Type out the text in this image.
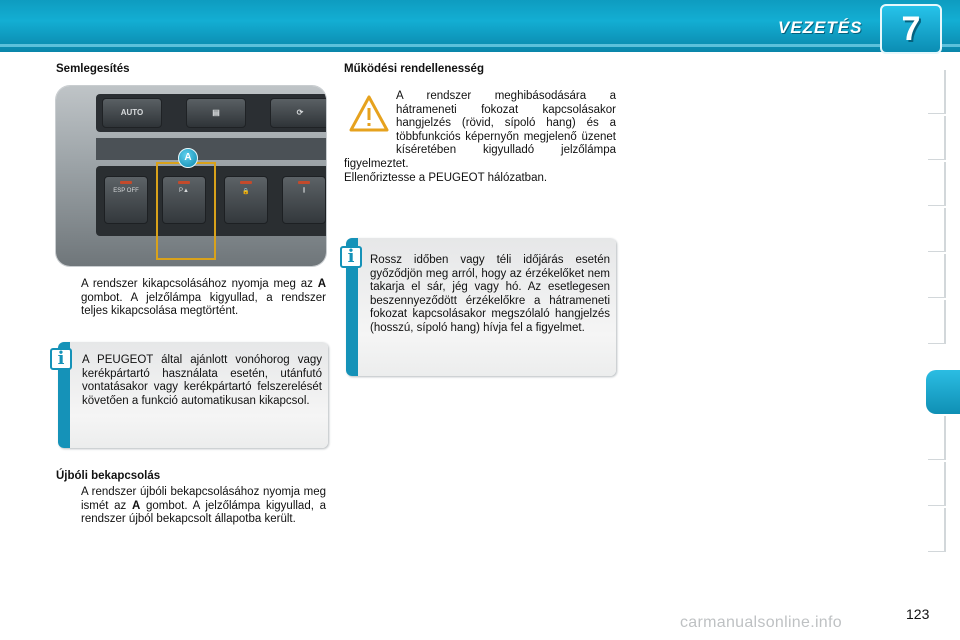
VEZETÉS	7
Semlegesítés
AUTO	▤	⟳
ESP OFF	P▲	🔒	⫼
A
A rendszer kikapcsolásához nyomja meg az A gombot. A jelzőlámpa kigyullad, a rendszer teljes kikapcsolása megtörtént.
A PEUGEOT által ajánlott vonóhorog vagy kerékpártartó használata esetén, utánfutó vontatásakor vagy kerékpártartó felszerelését követően a funkció automatikusan kikapcsol.
i
Újbóli bekapcsolás
A rendszer újbóli bekapcsolásához nyomja meg ismét az A gombot. A jelzőlámpa kigyullad, a rendszer újból bekapcsolt állapotba került.
Működési rendellenesség
A rendszer meghibásodására a hátrameneti fokozat kapcsolásakor hangjelzés (rövid, sípoló hang) és a többfunkciós képernyőn megjelenő üzenet kíséretében kigyulladó jelzőlámpa figyelmeztet.
Ellenőriztesse a PEUGEOT hálózatban.
Rossz időben vagy téli időjárás esetén győződjön meg arról, hogy az érzékelőket nem takarja el sár, jég vagy hó. Az esetlegesen beszennyeződött érzékelőkre a hátrameneti fokozat kapcsolásakor megszólaló hangjelzés (hosszú, sípoló hang) hívja fel a figyelmet.
i
123
carmanualsonline.info
